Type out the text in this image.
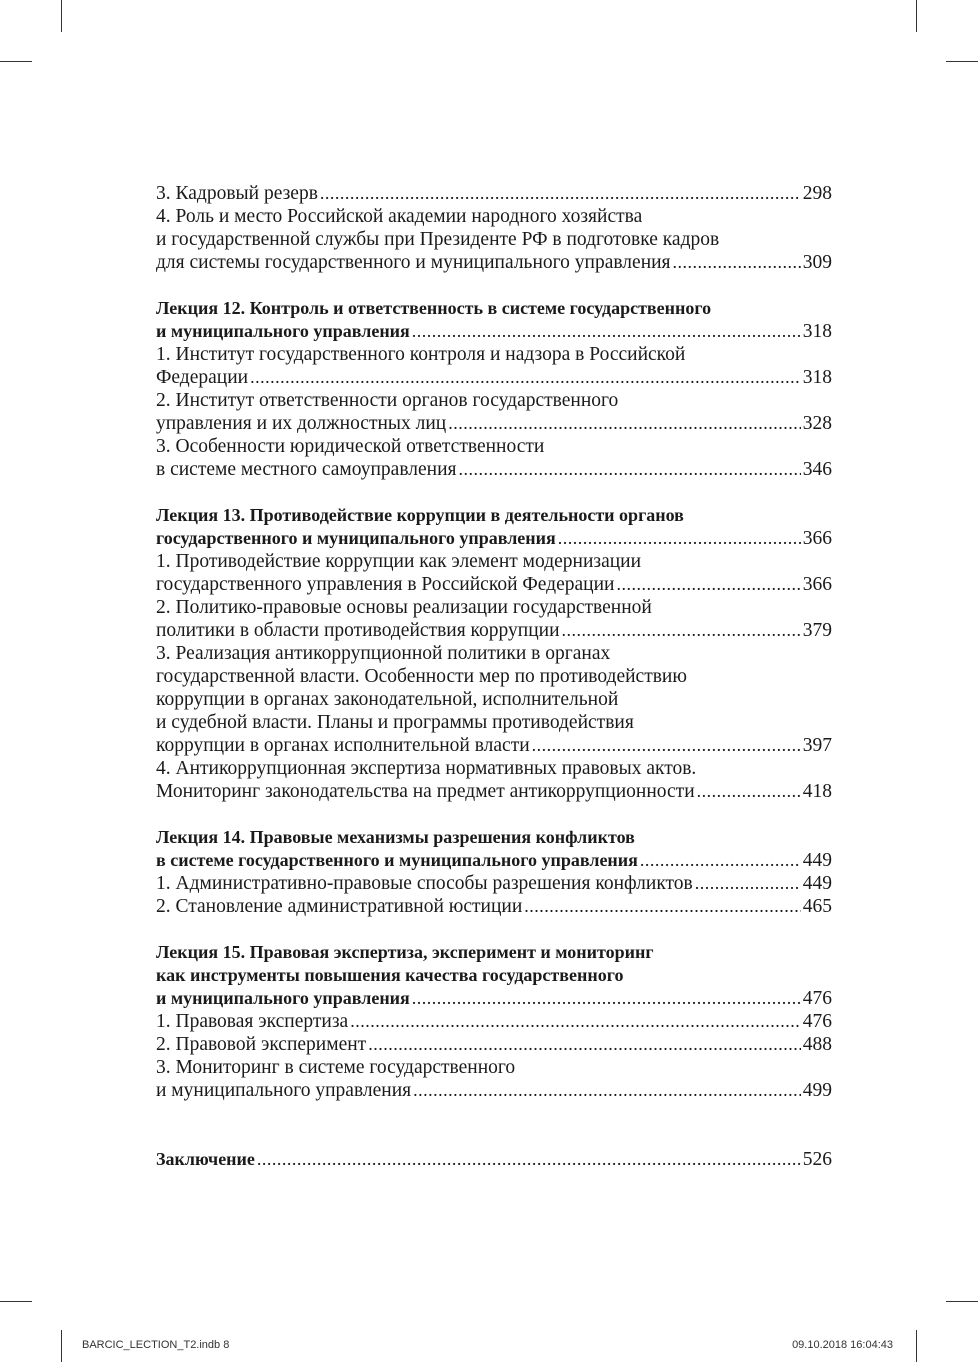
3. Кадровый резерв .....	298
4. Роль и место Российской академии народного хозяйства
и государственной службы при Президенте РФ в подготовке кадров
для системы государственного и муниципального управления .....	309
Лекция 12. Контроль и ответственность в системе государственного
и муниципального управления .....	318
1. Институт государственного контроля и надзора в Российской
Федерации .....	318
2. Институт ответственности органов государственного
управления и их должностных лиц .....	328
3. Особенности юридической ответственности
в системе местного самоуправления .....	346
Лекция 13. Противодействие коррупции в деятельности органов
государственного и муниципального управления .....	366
1. Противодействие коррупции как элемент модернизации
государственного управления в Российской Федерации .....	366
2. Политико-правовые основы реализации государственной
политики в области противодействия коррупции .....	379
3. Реализация антикоррупционной политики в органах
государственной власти. Особенности мер по противодействию
коррупции в органах законодательной, исполнительной
и судебной власти. Планы и программы противодействия
коррупции в органах исполнительной власти .....	397
4. Антикоррупционная экспертиза нормативных правовых актов.
Мониторинг законодательства на предмет антикоррупционности .....	418
Лекция 14. Правовые механизмы разрешения конфликтов
в системе государственного и муниципального управления .....	449
1. Административно-правовые способы разрешения конфликтов .....	449
2. Становление административной юстиции .....	465
Лекция 15. Правовая экспертиза, эксперимент и мониторинг
как инструменты повышения качества государственного
и муниципального управления .....	476
1. Правовая экспертиза .....	476
2. Правовой эксперимент .....	488
3. Мониторинг в системе государственного
и муниципального управления .....	499
Заключение .....	526
BARCIC_LECTION_T2.indb 8	09.10.2018 16:04:43
